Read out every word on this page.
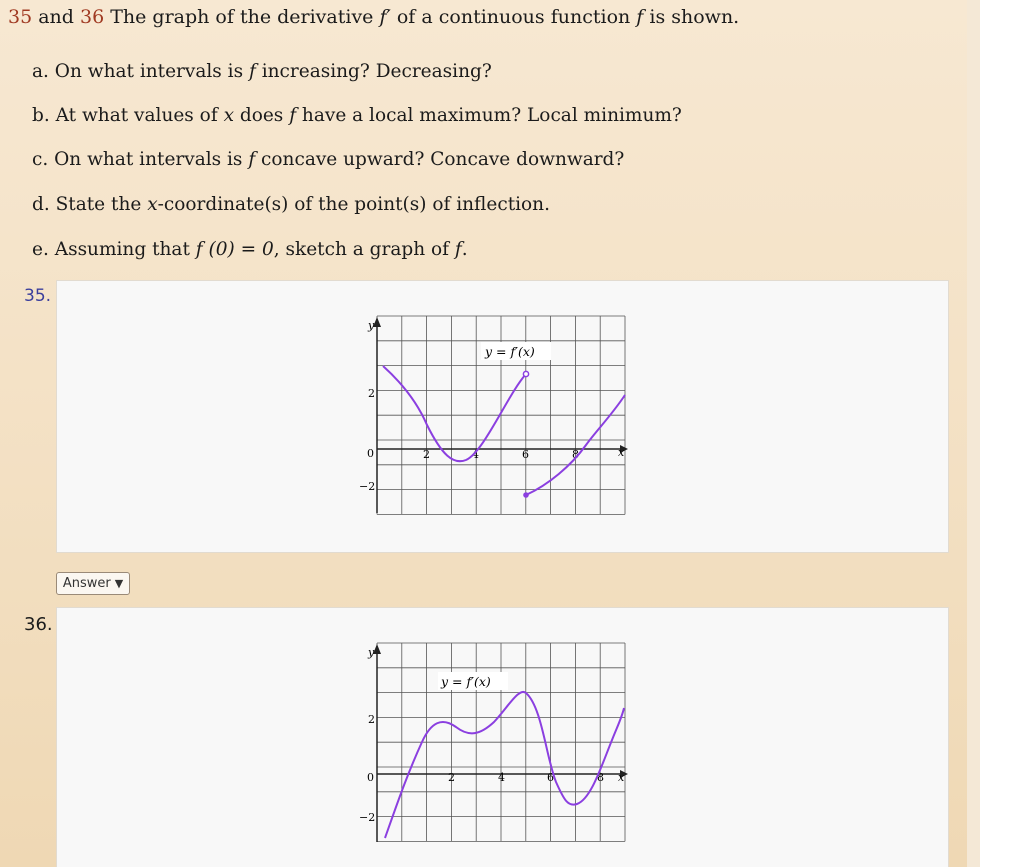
35 and 36 The graph of the derivative f′ of a continuous function f is shown.
a. On what intervals is f increasing? Decreasing?
b. At what values of x does f have a local maximum? Local minimum?
c. On what intervals is f concave upward? Concave downward?
d. State the x-coordinate(s) of the point(s) of inflection.
e. Assuming that f (0) = 0, sketch a graph of f.
35.
y
x
y = f′(x)
2
−2
0	2	4	6	8
Answer ▼
36.
y
x
y = f′(x)
2
−2
0	2	4	6	8
